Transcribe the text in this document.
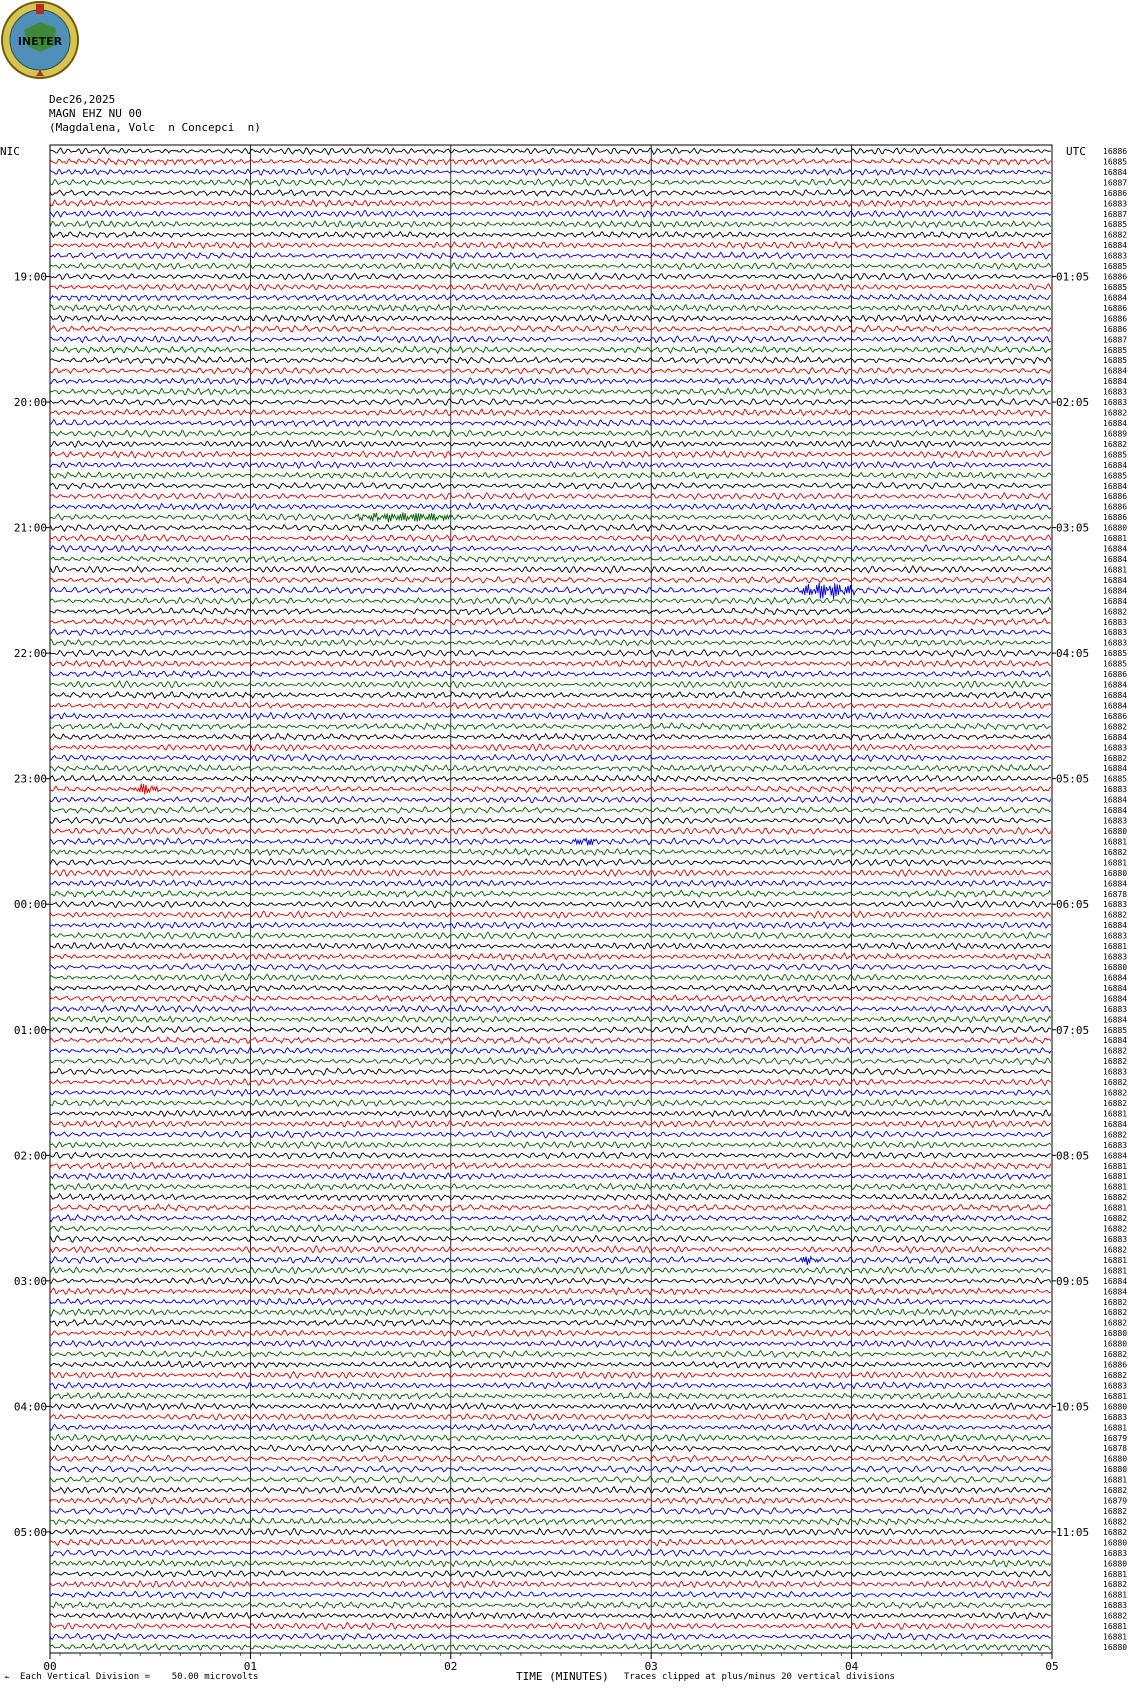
INETER
Dec26,2025
MAGN EHZ NU 00
(Magdalena, Volc  n Concepci  n)
00	01	02	03	04	05
16886
16885
16884
16887
16886
16883
16887
16885
16882
16884
16883
16885
16886
16885
16884
16886
16886
16886
16887
16885
16885
16884
16884
16883
16883
16882
16884
16889
16882
16885
16884
16885
16884
16886
16886
16886
16880
16881
16884
16884
16881
16884
16884
16884
16882
16883
16883
16883
16885
16885
16886
16884
16884
16884
16886
16882
16884
16883
16882
16884
16885
16883
16884
16884
16883
16880
16881
16882
16881
16880
16884
16878
16883
16882
16884
16883
16881
16883
16880
16884
16884
16884
16883
16884
16885
16884
16882
16882
16883
16882
16882
16882
16881
16884
16882
16883
16884
16881
16881
16881
16882
16881
16882
16882
16883
16882
16881
16881
16884
16884
16882
16882
16882
16880
16880
16882
16886
16882
16883
16881
16880
16883
16881
16879
16878
16880
16880
16881
16882
16879
16882
16882
16882
16880
16883
16880
16881
16882
16881
16883
16882
16881
16881
16880
NIC	UTC
19:00
20:00
21:00
22:00
23:00
00:00
01:00
02:00
03:00
04:00
05:00
01:05
02:05
03:05
04:05
05:05
06:05
07:05
08:05
09:05
10:05
11:05
⌁ Each Vertical Division =    50.00 microvolts	TIME (MINUTES) Traces clipped at plus/minus 20 vertical divisions
